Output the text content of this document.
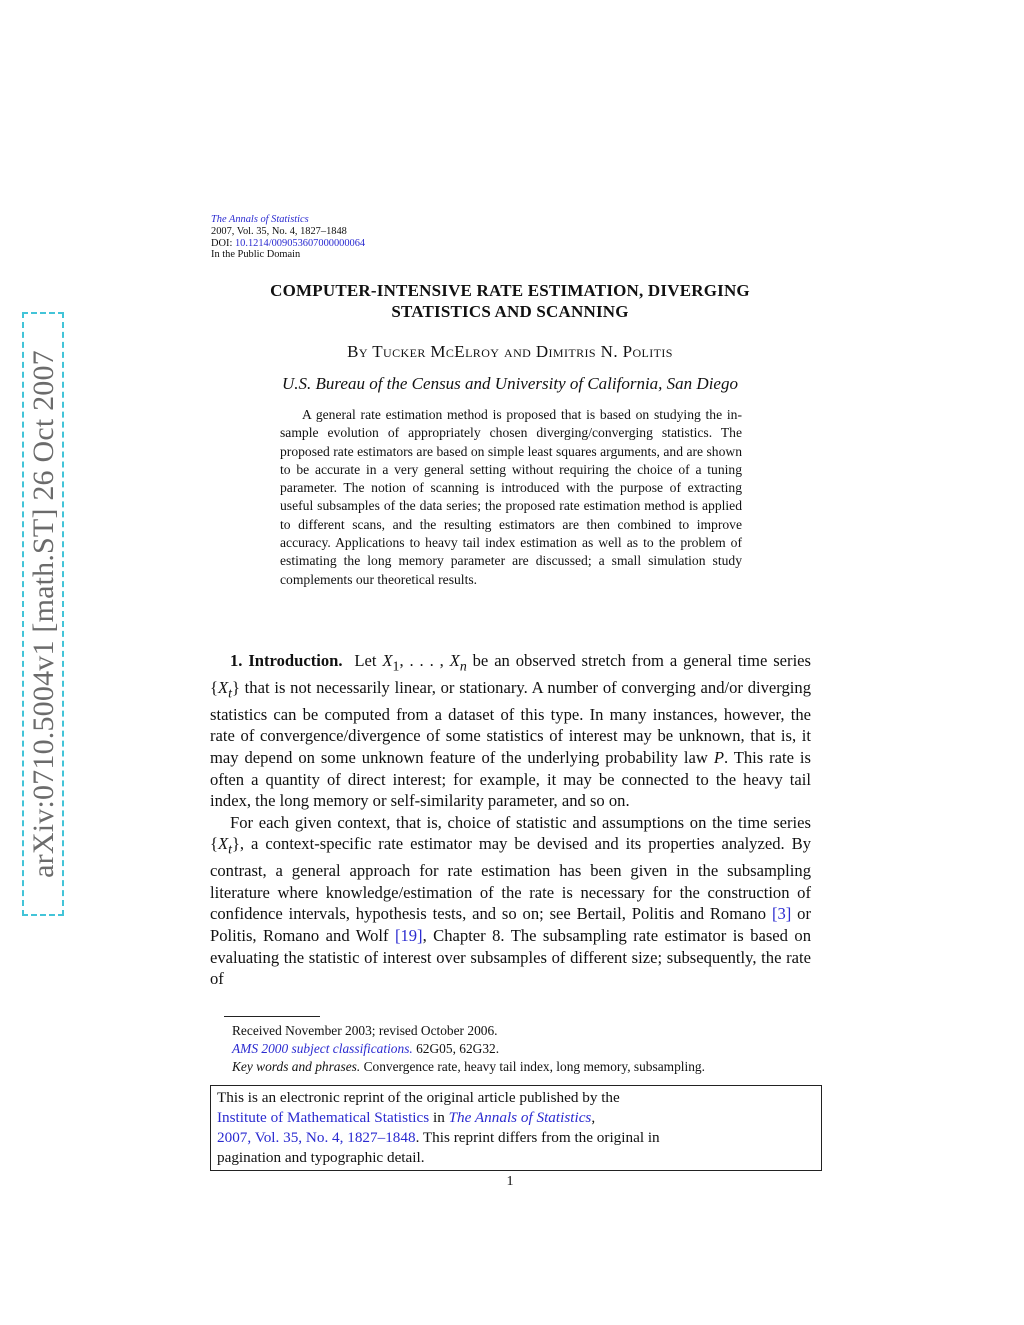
arXiv:0710.5004v1 [math.ST] 26 Oct 2007
The Annals of Statistics
2007, Vol. 35, No. 4, 1827–1848
DOI: 10.1214/009053607000000064
In the Public Domain
COMPUTER-INTENSIVE RATE ESTIMATION, DIVERGING
STATISTICS AND SCANNING
By Tucker McElroy and Dimitris N. Politis
U.S. Bureau of the Census and University of California, San Diego
A general rate estimation method is proposed that is based on studying the in-sample evolution of appropriately chosen diverging/converging statistics. The proposed rate estimators are based on simple least squares arguments, and are shown to be accurate in a very general setting without requiring the choice of a tuning parameter. The notion of scanning is introduced with the purpose of extracting useful subsamples of the data series; the proposed rate estimation method is applied to different scans, and the resulting estimators are then combined to improve accuracy. Applications to heavy tail index estimation as well as to the problem of estimating the long memory parameter are discussed; a small simulation study complements our theoretical results.

1. Introduction. Let $X_1$, . . . , $X_n$ be an observed stretch from a general time series $\{X_t\}$ that is not necessarily linear, or stationary. A number of converging and/or diverging statistics can be computed from a dataset of this type. In many instances, however, the rate of convergence/divergence of some statistics of interest may be unknown, that is, it may depend on some unknown feature of the underlying probability law P. This rate is often a quantity of direct interest; for example, it may be connected to the heavy tail index, the long memory or self-similarity parameter, and so on.

For each given context, that is, choice of statistic and assumptions on the time series $\{X_t\}$, a context-specific rate estimator may be devised and its properties analyzed. By contrast, a general approach for rate estimation has been given in the subsampling literature where knowledge/estimation of the rate is necessary for the construction of confidence intervals, hypothesis tests, and so on; see Bertail, Politis and Romano [3] or Politis, Romano and Wolf [19], Chapter 8. The subsampling rate estimator is based on evaluating the statistic of interest over subsamples of different size; subsequently, the rate of

Received November 2003; revised October 2006.
AMS 2000 subject classifications. 62G05, 62G32.
Key words and phrases. Convergence rate, heavy tail index, long memory, subsampling.
This is an electronic reprint of the original article published by the
Institute of Mathematical Statistics in The Annals of Statistics,
2007, Vol. 35, No. 4, 1827–1848. This reprint differs from the original in
pagination and typographic detail.
1
